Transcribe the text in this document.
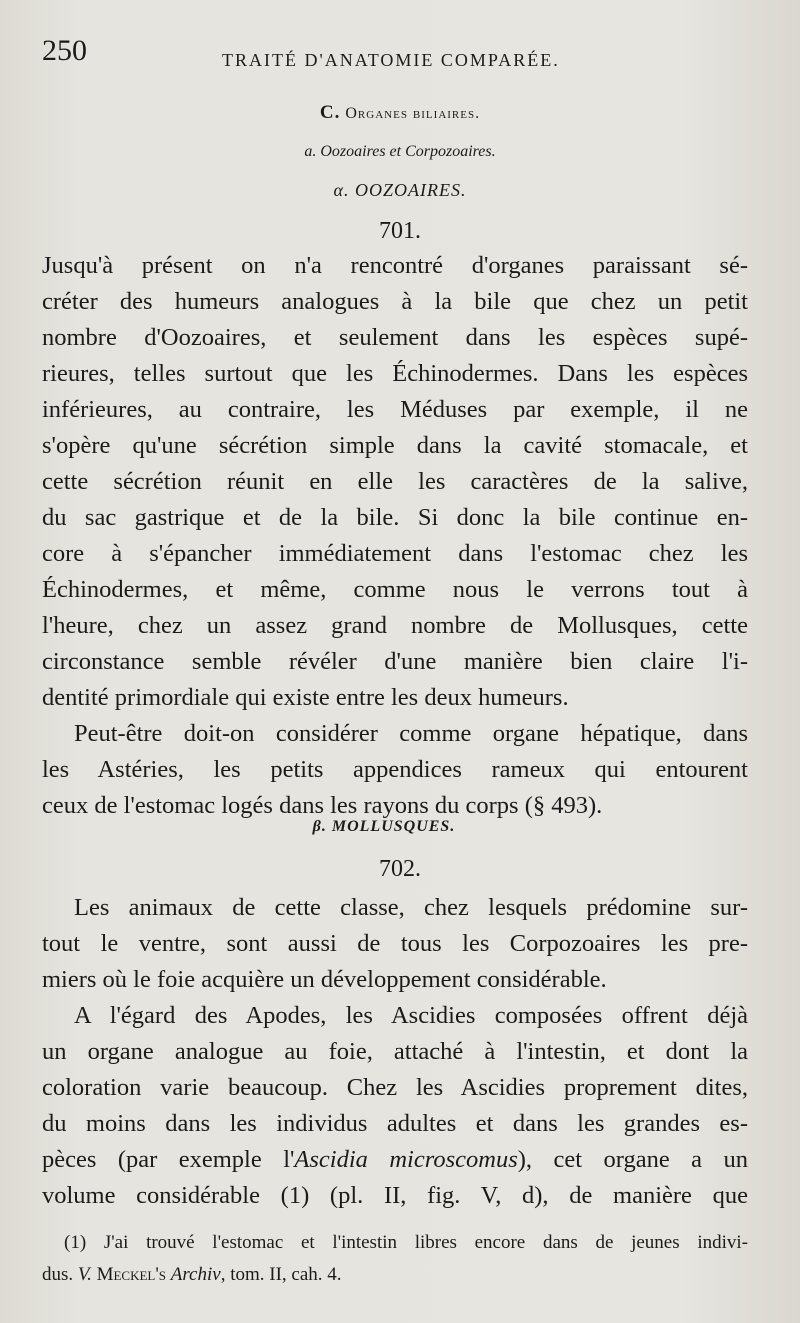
250	TRAITÉ D'ANATOMIE COMPARÉE.
C. Organes biliaires.
a. Oozoaires et Corpozoaires.
α. OOZOAIRES.
701.
Jusqu'à présent on n'a rencontré d'organes paraissant sé-
créter des humeurs analogues à la bile que chez un petit
nombre d'Oozoaires, et seulement dans les espèces supé-
rieures, telles surtout que les Échinodermes. Dans les espèces
inférieures, au contraire, les Méduses par exemple, il ne
s'opère qu'une sécrétion simple dans la cavité stomacale, et
cette sécrétion réunit en elle les caractères de la salive,
du sac gastrique et de la bile. Si donc la bile continue en-
core à s'épancher immédiatement dans l'estomac chez les
Échinodermes, et même, comme nous le verrons tout à
l'heure, chez un assez grand nombre de Mollusques, cette
circonstance semble révéler d'une manière bien claire l'i-
dentité primordiale qui existe entre les deux humeurs.
Peut-être doit-on considérer comme organe hépatique, dans
les Astéries, les petits appendices rameux qui entourent
ceux de l'estomac logés dans les rayons du corps (§ 493).
β. MOLLUSQUES.
702.
Les animaux de cette classe, chez lesquels prédomine sur-
tout le ventre, sont aussi de tous les Corpozoaires les pre-
miers où le foie acquière un développement considérable.
A l'égard des Apodes, les Ascidies composées offrent déjà
un organe analogue au foie, attaché à l'intestin, et dont la
coloration varie beaucoup. Chez les Ascidies proprement dites,
du moins dans les individus adultes et dans les grandes es-
pèces (par exemple l'Ascidia microscomus), cet organe a un
volume considérable (1) (pl. II, fig. V, d), de manière que
(1) J'ai trouvé l'estomac et l'intestin libres encore dans de jeunes indivi-
dus. V. Meckel's Archiv, tom. II, cah. 4.
